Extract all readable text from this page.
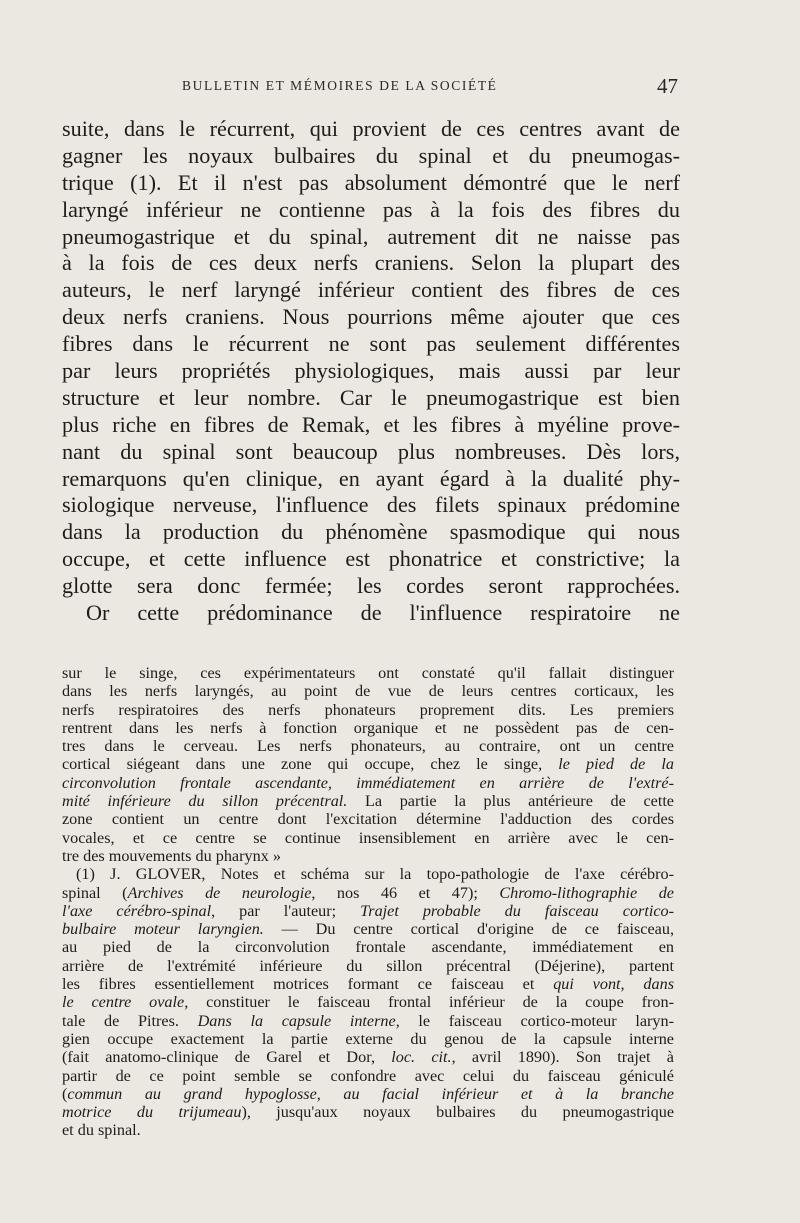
BULLETIN ET MÉMOIRES DE LA SOCIÉTÉ	47
suite, dans le récurrent, qui provient de ces centres avant de
gagner les noyaux bulbaires du spinal et du pneumogas-
trique (1). Et il n'est pas absolument démontré que le nerf
laryngé inférieur ne contienne pas à la fois des fibres du
pneumogastrique et du spinal, autrement dit ne naisse pas
à la fois de ces deux nerfs craniens. Selon la plupart des
auteurs, le nerf laryngé inférieur contient des fibres de ces
deux nerfs craniens. Nous pourrions même ajouter que ces
fibres dans le récurrent ne sont pas seulement différentes
par leurs propriétés physiologiques, mais aussi par leur
structure et leur nombre. Car le pneumogastrique est bien
plus riche en fibres de Remak, et les fibres à myéline prove-
nant du spinal sont beaucoup plus nombreuses. Dès lors,
remarquons qu'en clinique, en ayant égard à la dualité phy-
siologique nerveuse, l'influence des filets spinaux prédomine
dans la production du phénomène spasmodique qui nous
occupe, et cette influence est phonatrice et constrictive; la
glotte sera donc fermée; les cordes seront rapprochées.
Or cette prédominance de l'influence respiratoire ne
sur le singe, ces expérimentateurs ont constaté qu'il fallait distinguer
dans les nerfs laryngés, au point de vue de leurs centres corticaux, les
nerfs respiratoires des nerfs phonateurs proprement dits. Les premiers
rentrent dans les nerfs à fonction organique et ne possèdent pas de cen-
tres dans le cerveau. Les nerfs phonateurs, au contraire, ont un centre
cortical siégeant dans une zone qui occupe, chez le singe, le pied de la
circonvolution frontale ascendante, immédiatement en arrière de l'extré-
mité inférieure du sillon précentral. La partie la plus antérieure de cette
zone contient un centre dont l'excitation détermine l'adduction des cordes
vocales, et ce centre se continue insensiblement en arrière avec le cen-
tre des mouvements du pharynx »
(1) J. GLOVER, Notes et schéma sur la topo-pathologie de l'axe cérébro-
spinal (Archives de neurologie, nos 46 et 47); Chromo-lithographie de
l'axe cérébro-spinal, par l'auteur; Trajet probable du faisceau cortico-
bulbaire moteur laryngien. — Du centre cortical d'origine de ce faisceau,
au pied de la circonvolution frontale ascendante, immédiatement en
arrière de l'extrémité inférieure du sillon précentral (Déjerine), partent
les fibres essentiellement motrices formant ce faisceau et qui vont, dans
le centre ovale, constituer le faisceau frontal inférieur de la coupe fron-
tale de Pitres. Dans la capsule interne, le faisceau cortico-moteur laryn-
gien occupe exactement la partie externe du genou de la capsule interne
(fait anatomo-clinique de Garel et Dor, loc. cit., avril 1890). Son trajet à
partir de ce point semble se confondre avec celui du faisceau géniculé
(commun au grand hypoglosse, au facial inférieur et à la branche
motrice du trijumeau), jusqu'aux noyaux bulbaires du pneumogastrique
et du spinal.
